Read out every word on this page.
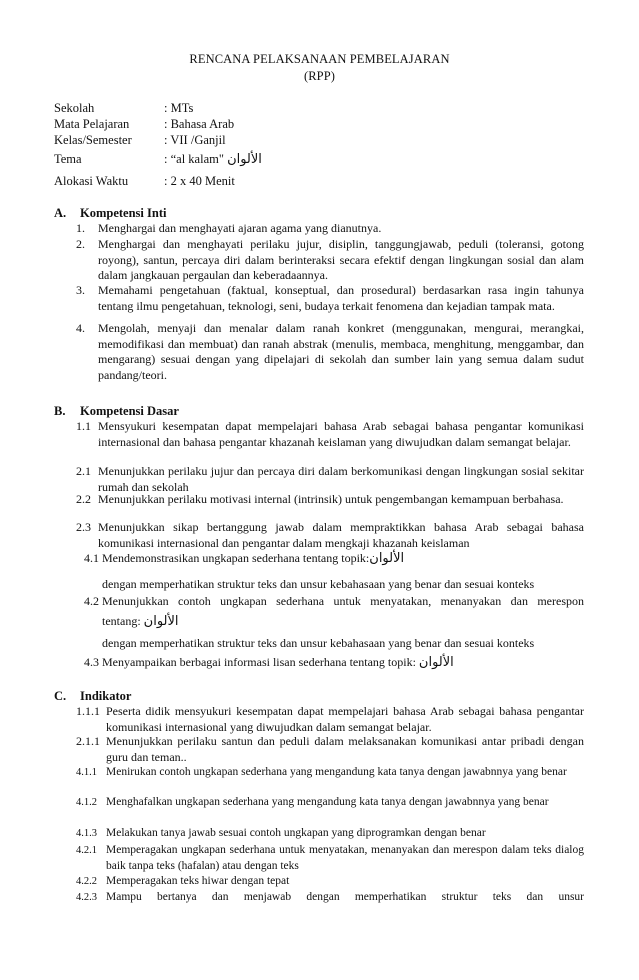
RENCANA PELAKSANAAN PEMBELAJARAN
(RPP)
Sekolah	: MTs
Mata Pelajaran	: Bahasa Arab
Kelas/Semester	: VII /Ganjil
Tema	: “al kalam" الألوان
Alokasi Waktu	: 2 x 40 Menit
A. Kompetensi Inti
1.	Menghargai dan menghayati ajaran agama yang dianutnya.
2.	Menghargai dan menghayati perilaku jujur, disiplin, tanggungjawab, peduli (toleransi, gotong royong), santun, percaya diri dalam berinteraksi secara efektif dengan lingkungan sosial dan alam dalam jangkauan pergaulan dan keberadaannya.
3.	Memahami pengetahuan (faktual, konseptual, dan prosedural) berdasarkan rasa ingin tahunya tentang ilmu pengetahuan, teknologi, seni, budaya terkait fenomena dan kejadian tampak mata.
4.	Mengolah, menyaji dan menalar dalam ranah konkret (menggunakan, mengurai, merangkai, memodifikasi dan membuat) dan ranah abstrak (menulis, membaca, menghitung, menggambar, dan mengarang) sesuai dengan yang dipelajari di sekolah dan sumber lain yang semua dalam sudut pandang/teori.
B. Kompetensi Dasar
1.1 Mensyukuri kesempatan dapat mempelajari bahasa Arab sebagai bahasa pengantar komunikasi internasional dan bahasa pengantar khazanah keislaman yang diwujudkan dalam semangat belajar.
2.1 Menunjukkan perilaku jujur dan percaya diri dalam berkomunikasi dengan lingkungan sosial sekitar rumah dan sekolah
2.2 Menunjukkan perilaku motivasi internal (intrinsik) untuk pengembangan kemampuan berbahasa.
2.3 Menunjukkan sikap bertanggung jawab dalam mempraktikkan bahasa Arab sebagai bahasa komunikasi internasional dan pengantar dalam mengkaji khazanah keislaman
4.1 Mendemonstrasikan ungkapan sederhana tentang topik:الألوان
dengan memperhatikan struktur teks dan unsur kebahasaan yang benar dan sesuai konteks
4.2 Menunjukkan contoh ungkapan sederhana untuk menyatakan, menanyakan dan merespon
tentang: الألوان
dengan memperhatikan struktur teks dan unsur kebahasaan yang benar dan sesuai konteks
4.3 Menyampaikan berbagai informasi lisan sederhana tentang topik: الألوان
C. Indikator
1.1.1 Peserta didik mensyukuri kesempatan dapat mempelajari bahasa Arab sebagai bahasa pengantar komunikasi internasional yang diwujudkan dalam semangat belajar.
2.1.1 Menunjukkan perilaku santun dan peduli dalam melaksanakan komunikasi antar pribadi dengan guru dan teman..
4.1.1 Menirukan contoh ungkapan sederhana yang mengandung kata tanya dengan jawabnnya yang benar
4.1.2 Menghafalkan ungkapan sederhana yang mengandung kata tanya dengan jawabnnya yang benar
4.1.3 Melakukan tanya jawab sesuai contoh ungkapan yang diprogramkan dengan benar
4.2.1 Memperagakan ungkapan sederhana untuk menyatakan, menanyakan dan merespon dalam teks dialog baik tanpa teks (hafalan) atau dengan teks
4.2.2 Memperagakan teks hiwar dengan tepat
4.2.3 Mampu bertanya dan menjawab dengan memperhatikan struktur teks dan unsur
